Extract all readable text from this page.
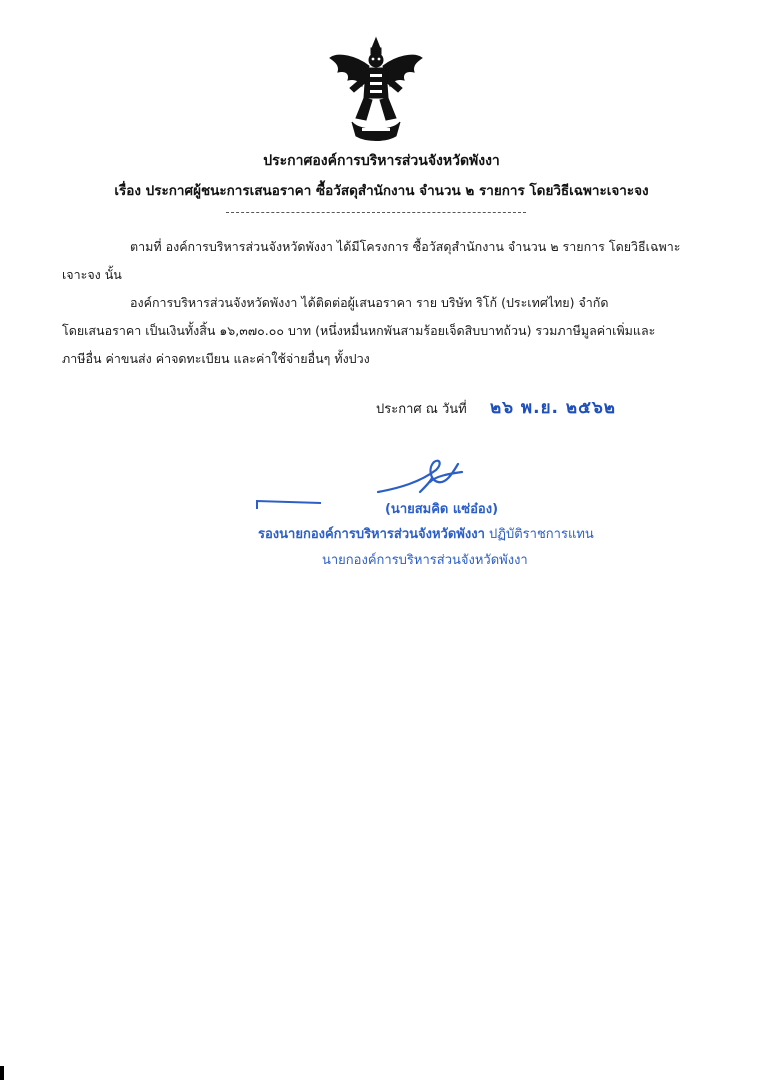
ประกาศองค์การบริหารส่วนจังหวัดพังงา
เรื่อง ประกาศผู้ชนะการเสนอราคา ซื้อวัสดุสำนักงาน จำนวน ๒ รายการ โดยวิธีเฉพาะเจาะจง
ตามที่ องค์การบริหารส่วนจังหวัดพังงา ได้มีโครงการ ซื้อวัสดุสำนักงาน จำนวน ๒ รายการ โดยวิธีเฉพาะ
เจาะจง นั้น
องค์การบริหารส่วนจังหวัดพังงา ได้ติดต่อผู้เสนอราคา ราย บริษัท ริโก้ (ประเทศไทย) จำกัด
โดยเสนอราคา เป็นเงินทั้งสิ้น ๑๖,๓๗๐.๐๐ บาท (หนึ่งหมื่นหกพันสามร้อยเจ็ดสิบบาทถ้วน) รวมภาษีมูลค่าเพิ่มและ
ภาษีอื่น ค่าขนส่ง ค่าจดทะเบียน และค่าใช้จ่ายอื่นๆ ทั้งปวง
ประกาศ ณ วันที่ ๒๖ พ.ย. ๒๕๖๒
(นายสมคิด แซ่อ๋อง)
รองนายกองค์การบริหารส่วนจังหวัดพังงา ปฏิบัติราชการแทน
นายกองค์การบริหารส่วนจังหวัดพังงา
